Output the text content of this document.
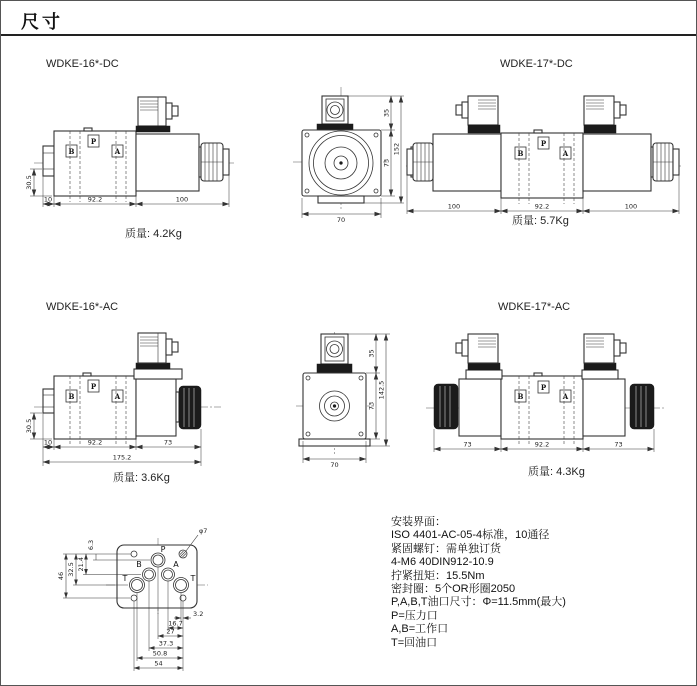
尺寸
WDKE-16*-DC	WDKE-17*-DC
WDKE-16*-AC	WDKE-17*-AC
质量: 4.2Kg
质量: 5.7Kg
质量: 3.6Kg	质量: 4.3Kg
B
P
A
10	92.2	100
30.5
35
73
152
70
B
P
A
100	92.2	100
B
P
A
30.5
10	92.2	73
175.2
35
73
142.5
70
B
P
A
73	92.2	73
P
B	A
T	T
φ7
6.3
21.4
32.5
46
3.2
16.7
27
37.3
50.8
54
安装界面：
ISO 4401-AC-05-4标准，10通径
紧固螺钉：需单独订货
4-M6 40DIN912-10.9
拧紧扭矩：15.5Nm
密封圈：5个OR形圈2050
P,A,B,T油口尺寸：Φ=11.5mm(最大)
P=压力口
A,B=工作口
T=回油口
